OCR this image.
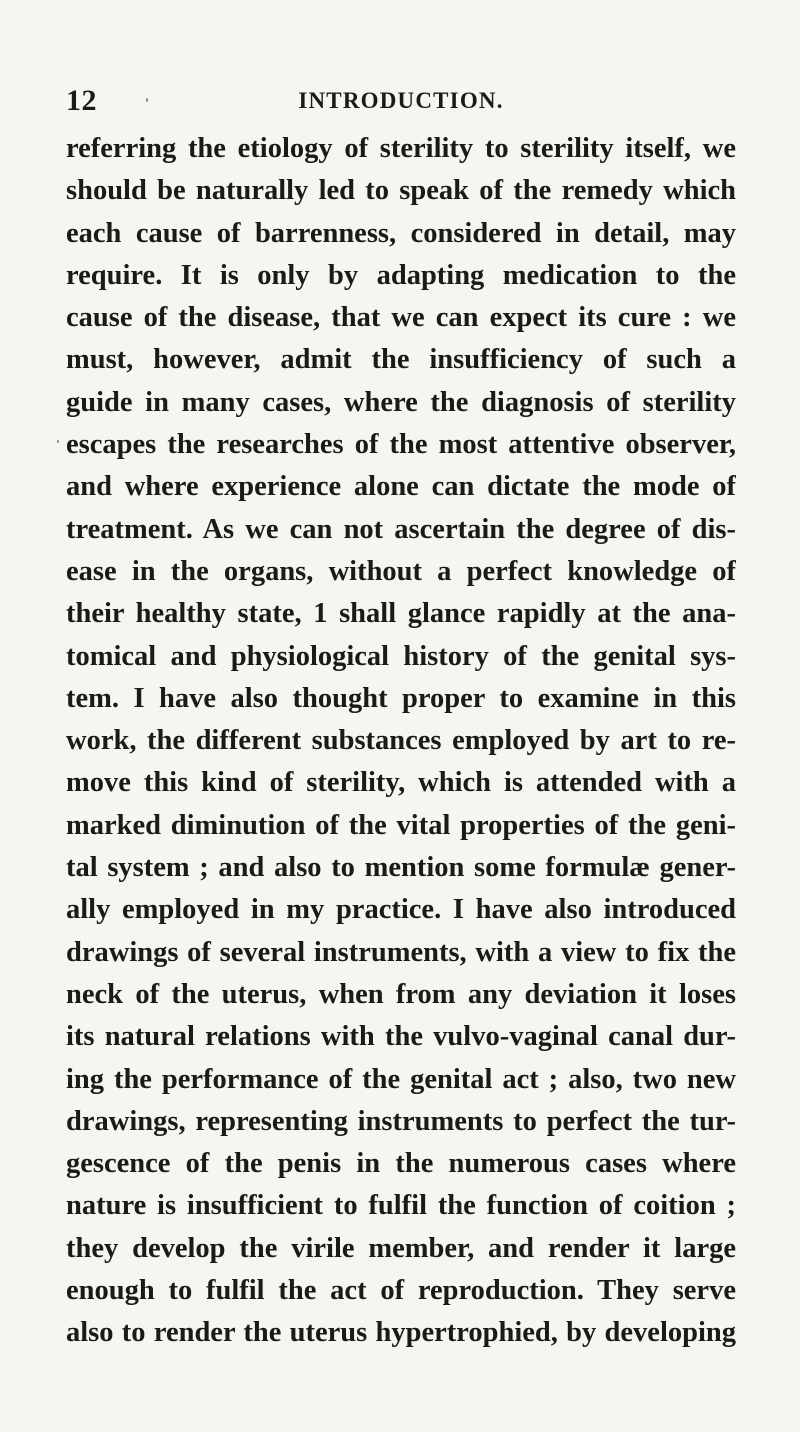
12	INTRODUCTION.
referring the etiology of sterility to sterility itself, we
should be naturally led to speak of the remedy which
each cause of barrenness, considered in detail, may
require. It is only by adapting medication to the
cause of the disease, that we can expect its cure : we
must, however, admit the insufficiency of such a
guide in many cases, where the diagnosis of sterility
escapes the researches of the most attentive observer,
and where experience alone can dictate the mode of
treatment. As we can not ascertain the degree of dis-
ease in the organs, without a perfect knowledge of
their healthy state, 1 shall glance rapidly at the ana-
tomical and physiological history of the genital sys-
tem. I have also thought proper to examine in this
work, the different substances employed by art to re-
move this kind of sterility, which is attended with a
marked diminution of the vital properties of the geni-
tal system ; and also to mention some formulæ gener-
ally employed in my practice. I have also introduced
drawings of several instruments, with a view to fix the
neck of the uterus, when from any deviation it loses
its natural relations with the vulvo-vaginal canal dur-
ing the performance of the genital act ; also, two new
drawings, representing instruments to perfect the tur-
gescence of the penis in the numerous cases where
nature is insufficient to fulfil the function of coition ;
they develop the virile member, and render it large
enough to fulfil the act of reproduction. They serve
also to render the uterus hypertrophied, by developing
